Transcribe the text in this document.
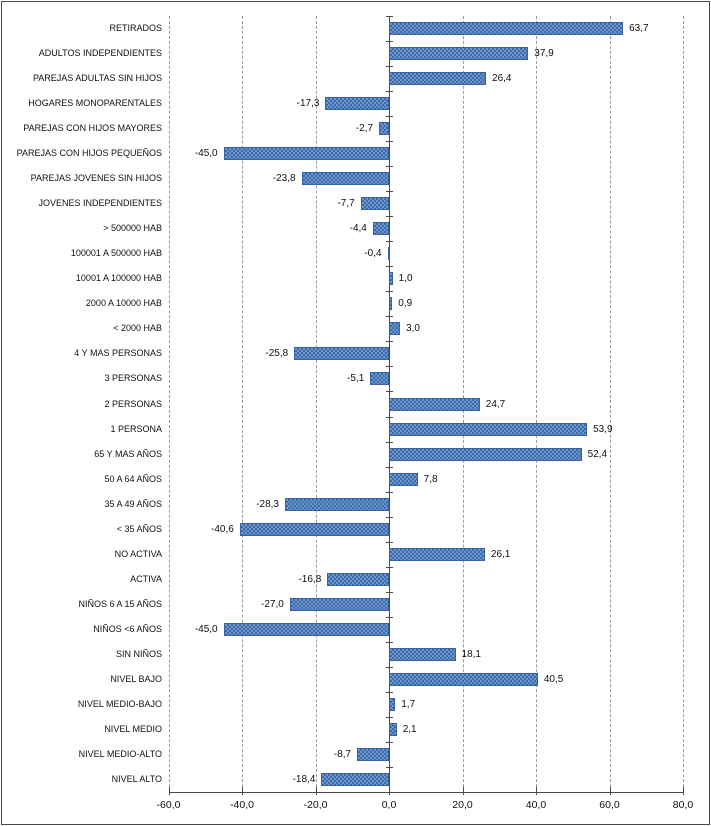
-60,0	-40,0	-20,0	0,0	20,0	40,0	60,0	80,0
RETIRADOS	63,7
ADULTOS INDEPENDIENTES	37,9
PAREJAS ADULTAS SIN HIJOS	26,4
HOGARES MONOPARENTALES	-17,3
PAREJAS CON HIJOS MAYORES	-2,7
PAREJAS CON HIJOS PEQUEÑOS	-45,0
PAREJAS JOVENES SIN HIJOS	-23,8
JOVENES INDEPENDIENTES	-7,7
> 500000 HAB	-4,4
100001 A 500000 HAB	-0,4
10001 A 100000 HAB	1,0
2000 A 10000 HAB	0,9
< 2000 HAB	3,0
4 Y MAS PERSONAS	-25,8
3 PERSONAS	-5,1
2 PERSONAS	24,7
1 PERSONA	53,9
65 Y MAS AÑOS	52,4
50 A 64 AÑOS	7,8
35 A 49 AÑOS	-28,3
< 35 AÑOS	-40,6
NO ACTIVA	26,1
ACTIVA	-16,8
NIÑOS 6 A 15 AÑOS	-27,0
NIÑOS <6 AÑOS	-45,0
SIN NIÑOS	18,1
NIVEL BAJO	40,5
NIVEL MEDIO-BAJO	1,7
NIVEL MEDIO	2,1
NIVEL MEDIO-ALTO	-8,7
NIVEL ALTO	-18,4
